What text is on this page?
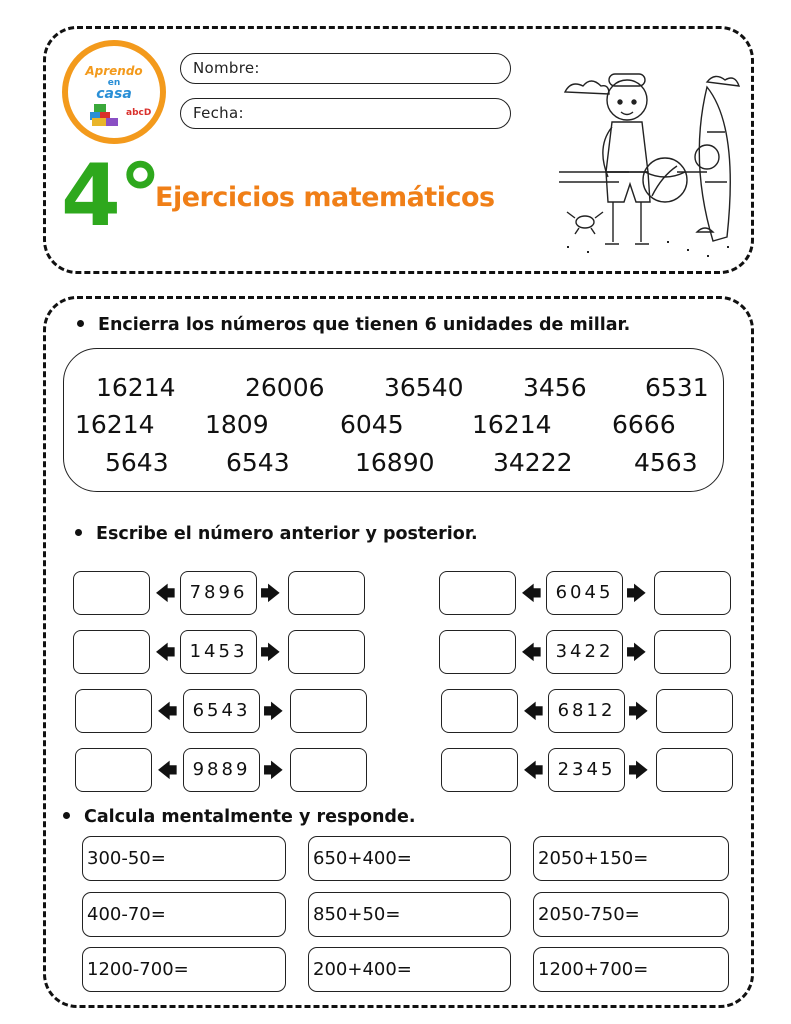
Aprendo
en
casa
abcD
Nombre:
Fecha:
4°
Ejercicios matemáticos
Encierra los números que tienen 6 unidades de millar.
16214	26006 36540 3456 6531
16214 1809	6045	16214 6666
5643 6543	16890 34222 4563
Escribe el número anterior y posterior.
🡄 7896 🡆	🡄 6045 🡆
🡄 1453 🡆	🡄 3422 🡆
🡄 6543 🡆	🡄 6812 🡆
🡄 9889 🡆	🡄 2345 🡆
Calcula mentalmente y responde.
300-50=	650+400=	2050+150=
400-70=	850+50=	2050-750=
1200-700=	200+400=	1200+700=
